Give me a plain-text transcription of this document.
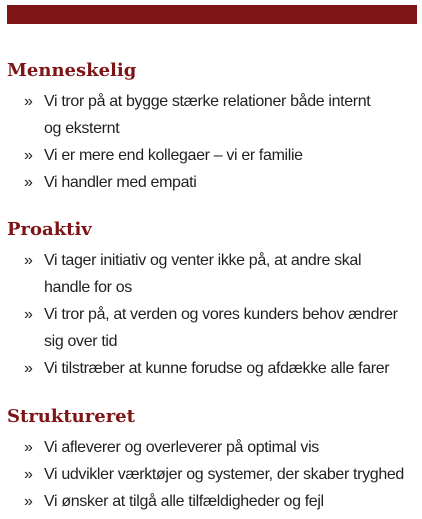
Menneskelig
» Vi tror på at bygge stærke relationer både internt
og eksternt
» Vi er mere end kollegaer – vi er familie
» Vi handler med empati
Proaktiv
» Vi tager initiativ og venter ikke på, at andre skal
handle for os
» Vi tror på, at verden og vores kunders behov ændrer
sig over tid
» Vi tilstræber at kunne forudse og afdække alle farer
Struktureret
» Vi afleverer og overleverer på optimal vis
» Vi udvikler værktøjer og systemer, der skaber tryghed
» Vi ønsker at tilgå alle tilfældigheder og fejl
